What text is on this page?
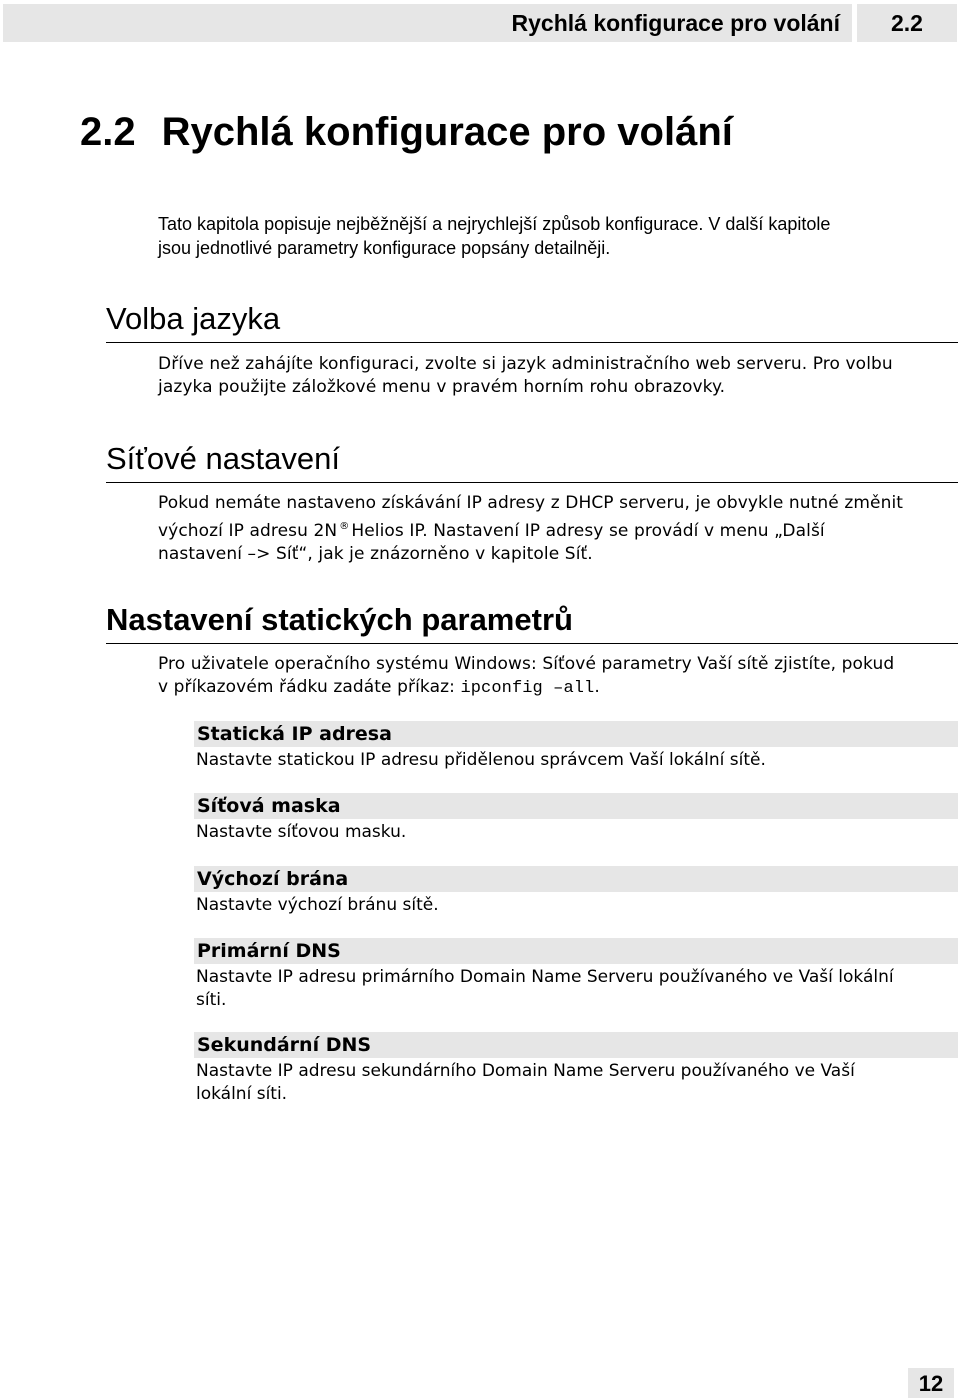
Rychlá konfigurace pro volání	2.2
2.2 Rychlá konfigurace pro volání

Tato kapitola popisuje nejběžnější a nejrychlejší způsob konfigurace. V další kapitole
jsou jednotlivé parametry konfigurace popsány detailněji.

Volba jazyka

Dříve než zahájíte konfiguraci, zvolte si jazyk administračního web serveru. Pro volbu
jazyka použijte záložkové menu v pravém horním rohu obrazovky.

Síťové nastavení

Pokud nemáte nastaveno získávání IP adresy z DHCP serveru, je obvykle nutné změnit
výchozí IP adresu 2N ® Helios IP. Nastavení IP adresy se provádí v menu „Další
nastavení –> Síť“, jak je znázorněno v kapitole Síť.

Nastavení statických parametrů

Pro uživatele operačního systému Windows: Síťové parametry Vaší sítě zjistíte, pokud
v příkazovém řádku zadáte příkaz: ipconfig –all.

Statická IP adresa

Nastavte statickou IP adresu přidělenou správcem Vaší lokální sítě.

Síťová maska

Nastavte síťovou masku.

Výchozí brána

Nastavte výchozí bránu sítě.

Primární DNS

Nastavte IP adresu primárního Domain Name Serveru používaného ve Vaší lokální
síti.

Sekundární DNS

Nastavte IP adresu sekundárního Domain Name Serveru používaného ve Vaší
lokální síti.

12
